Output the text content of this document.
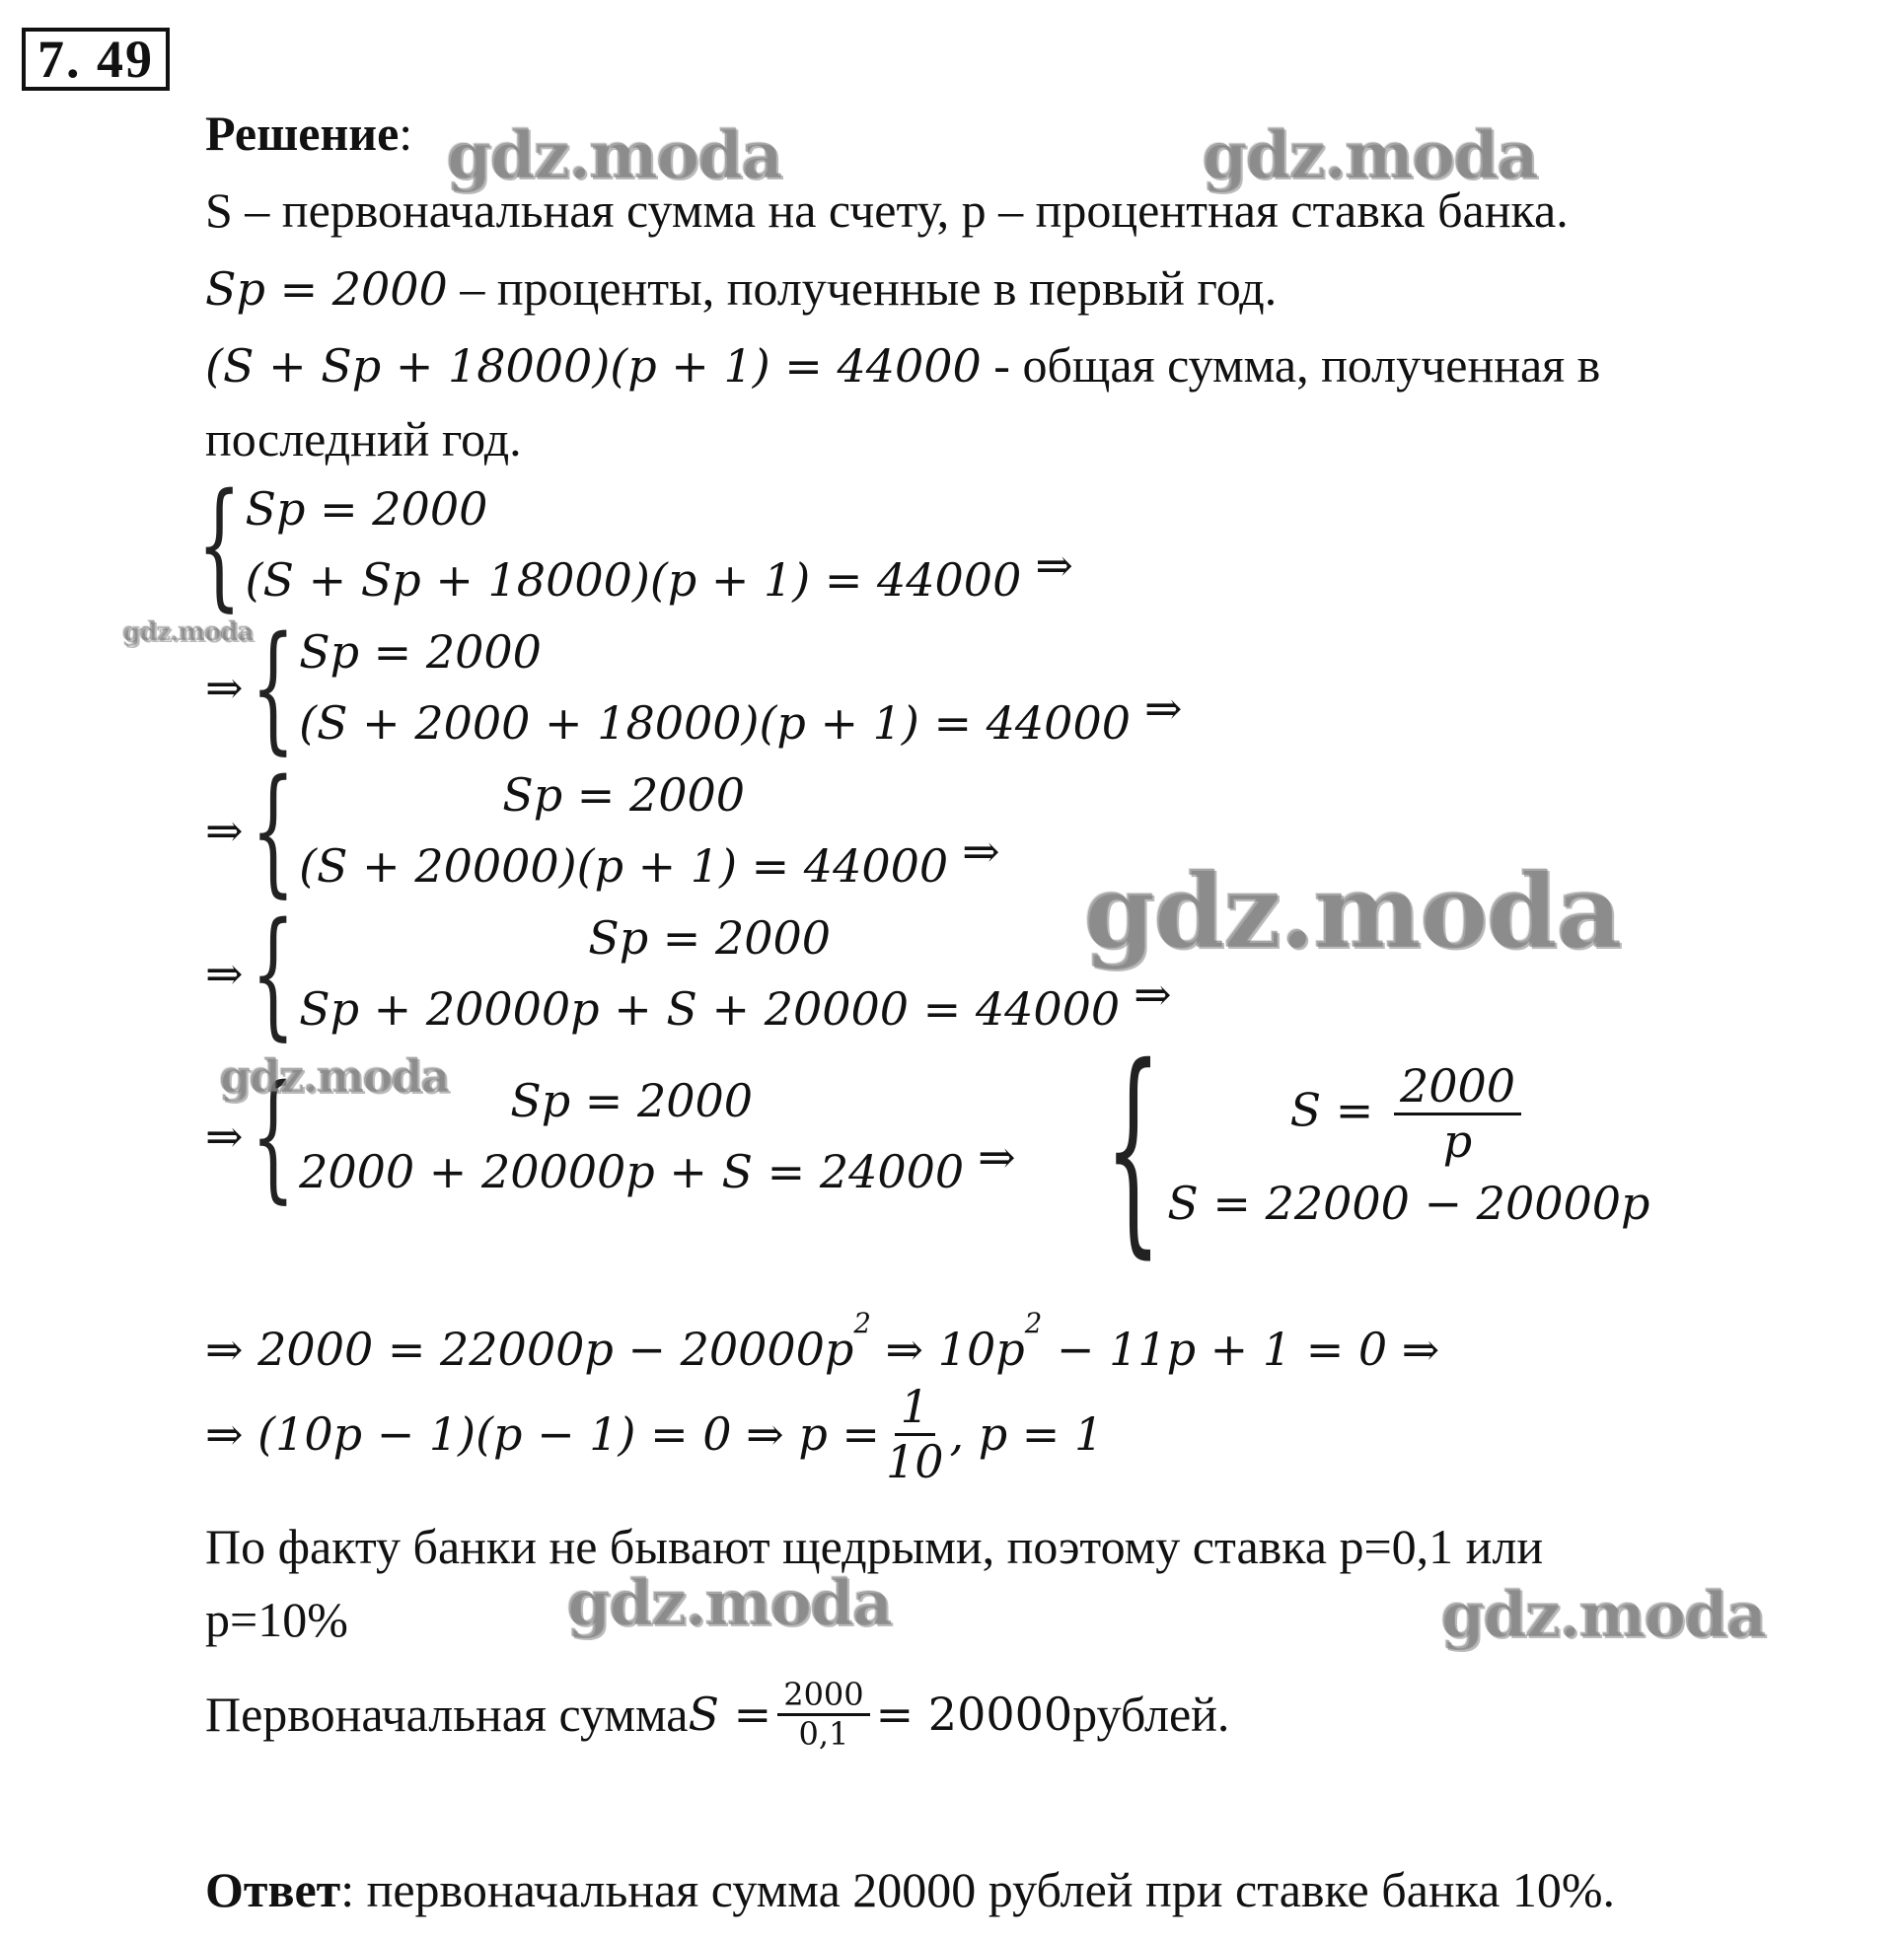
7. 49
Решение:
S – первоначальная сумма на счету, p – процентная ставка банка.
Sp = 2000 – проценты, полученные в первый год.
(S + Sp + 18000)(p + 1) = 44000 - общая сумма, полученная в
последний год.
{ Sp = 2000
(S + Sp + 18000)(p + 1) = 44000 ⇒
⇒ { Sp = 2000
(S + 2000 + 18000)(p + 1) = 44000 ⇒
⇒ {	Sp = 2000
(S + 20000)(p + 1) = 44000 ⇒
⇒ {	Sp = 2000
Sp + 20000p + S + 20000 = 44000 ⇒
⇒ {	Sp = 2000
2000 + 20000p + S = 24000 ⇒ {	$S = \frac{2000}{p}$
S = 22000 − 20000p
⇒ $2000 = 22000p - 20000p^2$ ⇒ $10p^2 - 11p + 1 = 0$ ⇒
⇒ (10p − 1)(p − 1) = 0 ⇒ $p = \frac{1}{10}$ , p = 1
По факту банки не бывают щедрыми, поэтому ставка p=0,1 или
p=10%
Первоначальная сумма $S = \frac{2000}{0,1} = 20000$ рублей.
Ответ: первоначальная сумма 20000 рублей при ставке банка 10%.
gdz.moda	gdz.moda
gdz.moda
gdz.moda
gdz.moda
gdz.moda	gdz.moda
